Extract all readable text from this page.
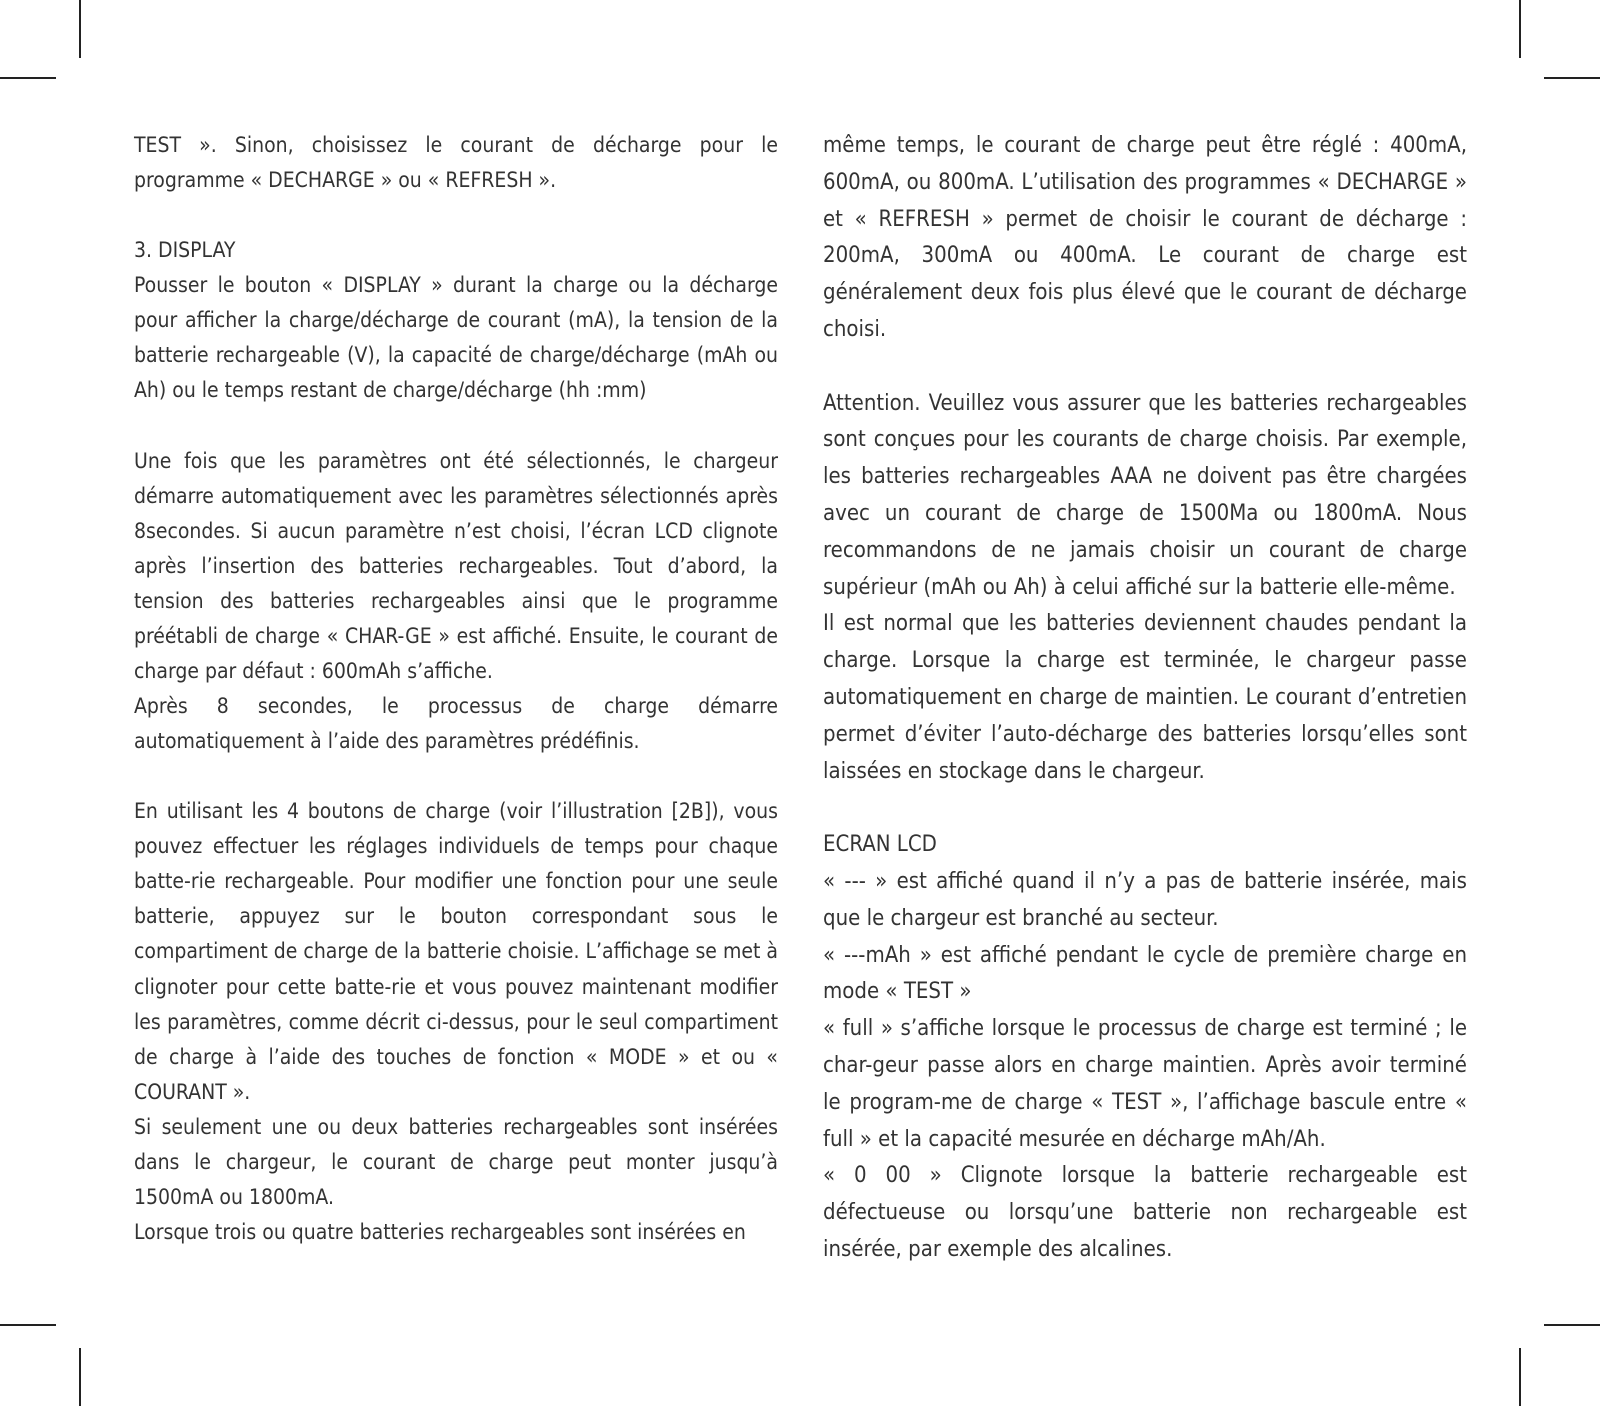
TEST ». Sinon, choisissez le courant de décharge pour le programme « DECHARGE » ou « REFRESH ».

3. DISPLAY

Pousser le bouton « DISPLAY » durant la charge ou la décharge pour afficher la charge/décharge de courant (mA), la tension de la batterie rechargeable (V), la capacité de charge/décharge (mAh ou Ah) ou le temps restant de charge/décharge (hh :mm)

Une fois que les paramètres ont été sélectionnés, le chargeur démarre automatiquement avec les paramètres sélectionnés après 8secondes. Si aucun paramètre n’est choisi, l’écran LCD clignote après l’insertion des batteries rechargeables. Tout d’abord, la tension des batteries rechargeables ainsi que le programme préétabli de charge « CHAR-GE » est affiché. Ensuite, le courant de charge par défaut : 600mAh s’affiche.

Après 8 secondes, le processus de charge démarre automatiquement à l’aide des paramètres prédéfinis.

En utilisant les 4 boutons de charge (voir l’illustration [2B]), vous pouvez effectuer les réglages individuels de temps pour chaque batte-rie rechargeable. Pour modifier une fonction pour une seule batterie, appuyez sur le bouton correspondant sous le compartiment de charge de la batterie choisie. L’affichage se met à clignoter pour cette batte-rie et vous pouvez maintenant modifier les paramètres, comme décrit ci-dessus, pour le seul compartiment de charge à l’aide des touches de fonction « MODE » et ou « COURANT ».

Si seulement une ou deux batteries rechargeables sont insérées dans le chargeur, le courant de charge peut monter jusqu’à 1500mA ou 1800mA.

Lorsque trois ou quatre batteries rechargeables sont insérées en

même temps, le courant de charge peut être réglé : 400mA, 600mA, ou 800mA. L’utilisation des programmes « DECHARGE » et « REFRESH » permet de choisir le courant de décharge : 200mA, 300mA ou 400mA. Le courant de charge est généralement deux fois plus élevé que le courant de décharge choisi.

Attention. Veuillez vous assurer que les batteries rechargeables sont conçues pour les courants de charge choisis. Par exemple, les batteries rechargeables AAA ne doivent pas être chargées avec un courant de charge de 1500Ma ou 1800mA. Nous recommandons de ne jamais choisir un courant de charge supérieur (mAh ou Ah) à celui affiché sur la batterie elle-même.

Il est normal que les batteries deviennent chaudes pendant la charge. Lorsque la charge est terminée, le chargeur passe automatiquement en charge de maintien. Le courant d’entretien permet d’éviter l’auto-décharge des batteries lorsqu’elles sont laissées en stockage dans le chargeur.

ECRAN LCD

« --- » est affiché quand il n’y a pas de batterie insérée, mais que le chargeur est branché au secteur.

« ---mAh » est affiché pendant le cycle de première charge en mode « TEST »

« full » s’affiche lorsque le processus de charge est terminé ; le char-geur passe alors en charge maintien. Après avoir terminé le program-me de charge « TEST », l’affichage bascule entre « full » et la capacité mesurée en décharge mAh/Ah.

« 0 00 » Clignote lorsque la batterie rechargeable est défectueuse ou lorsqu’une batterie non rechargeable est insérée, par exemple des alcalines.
